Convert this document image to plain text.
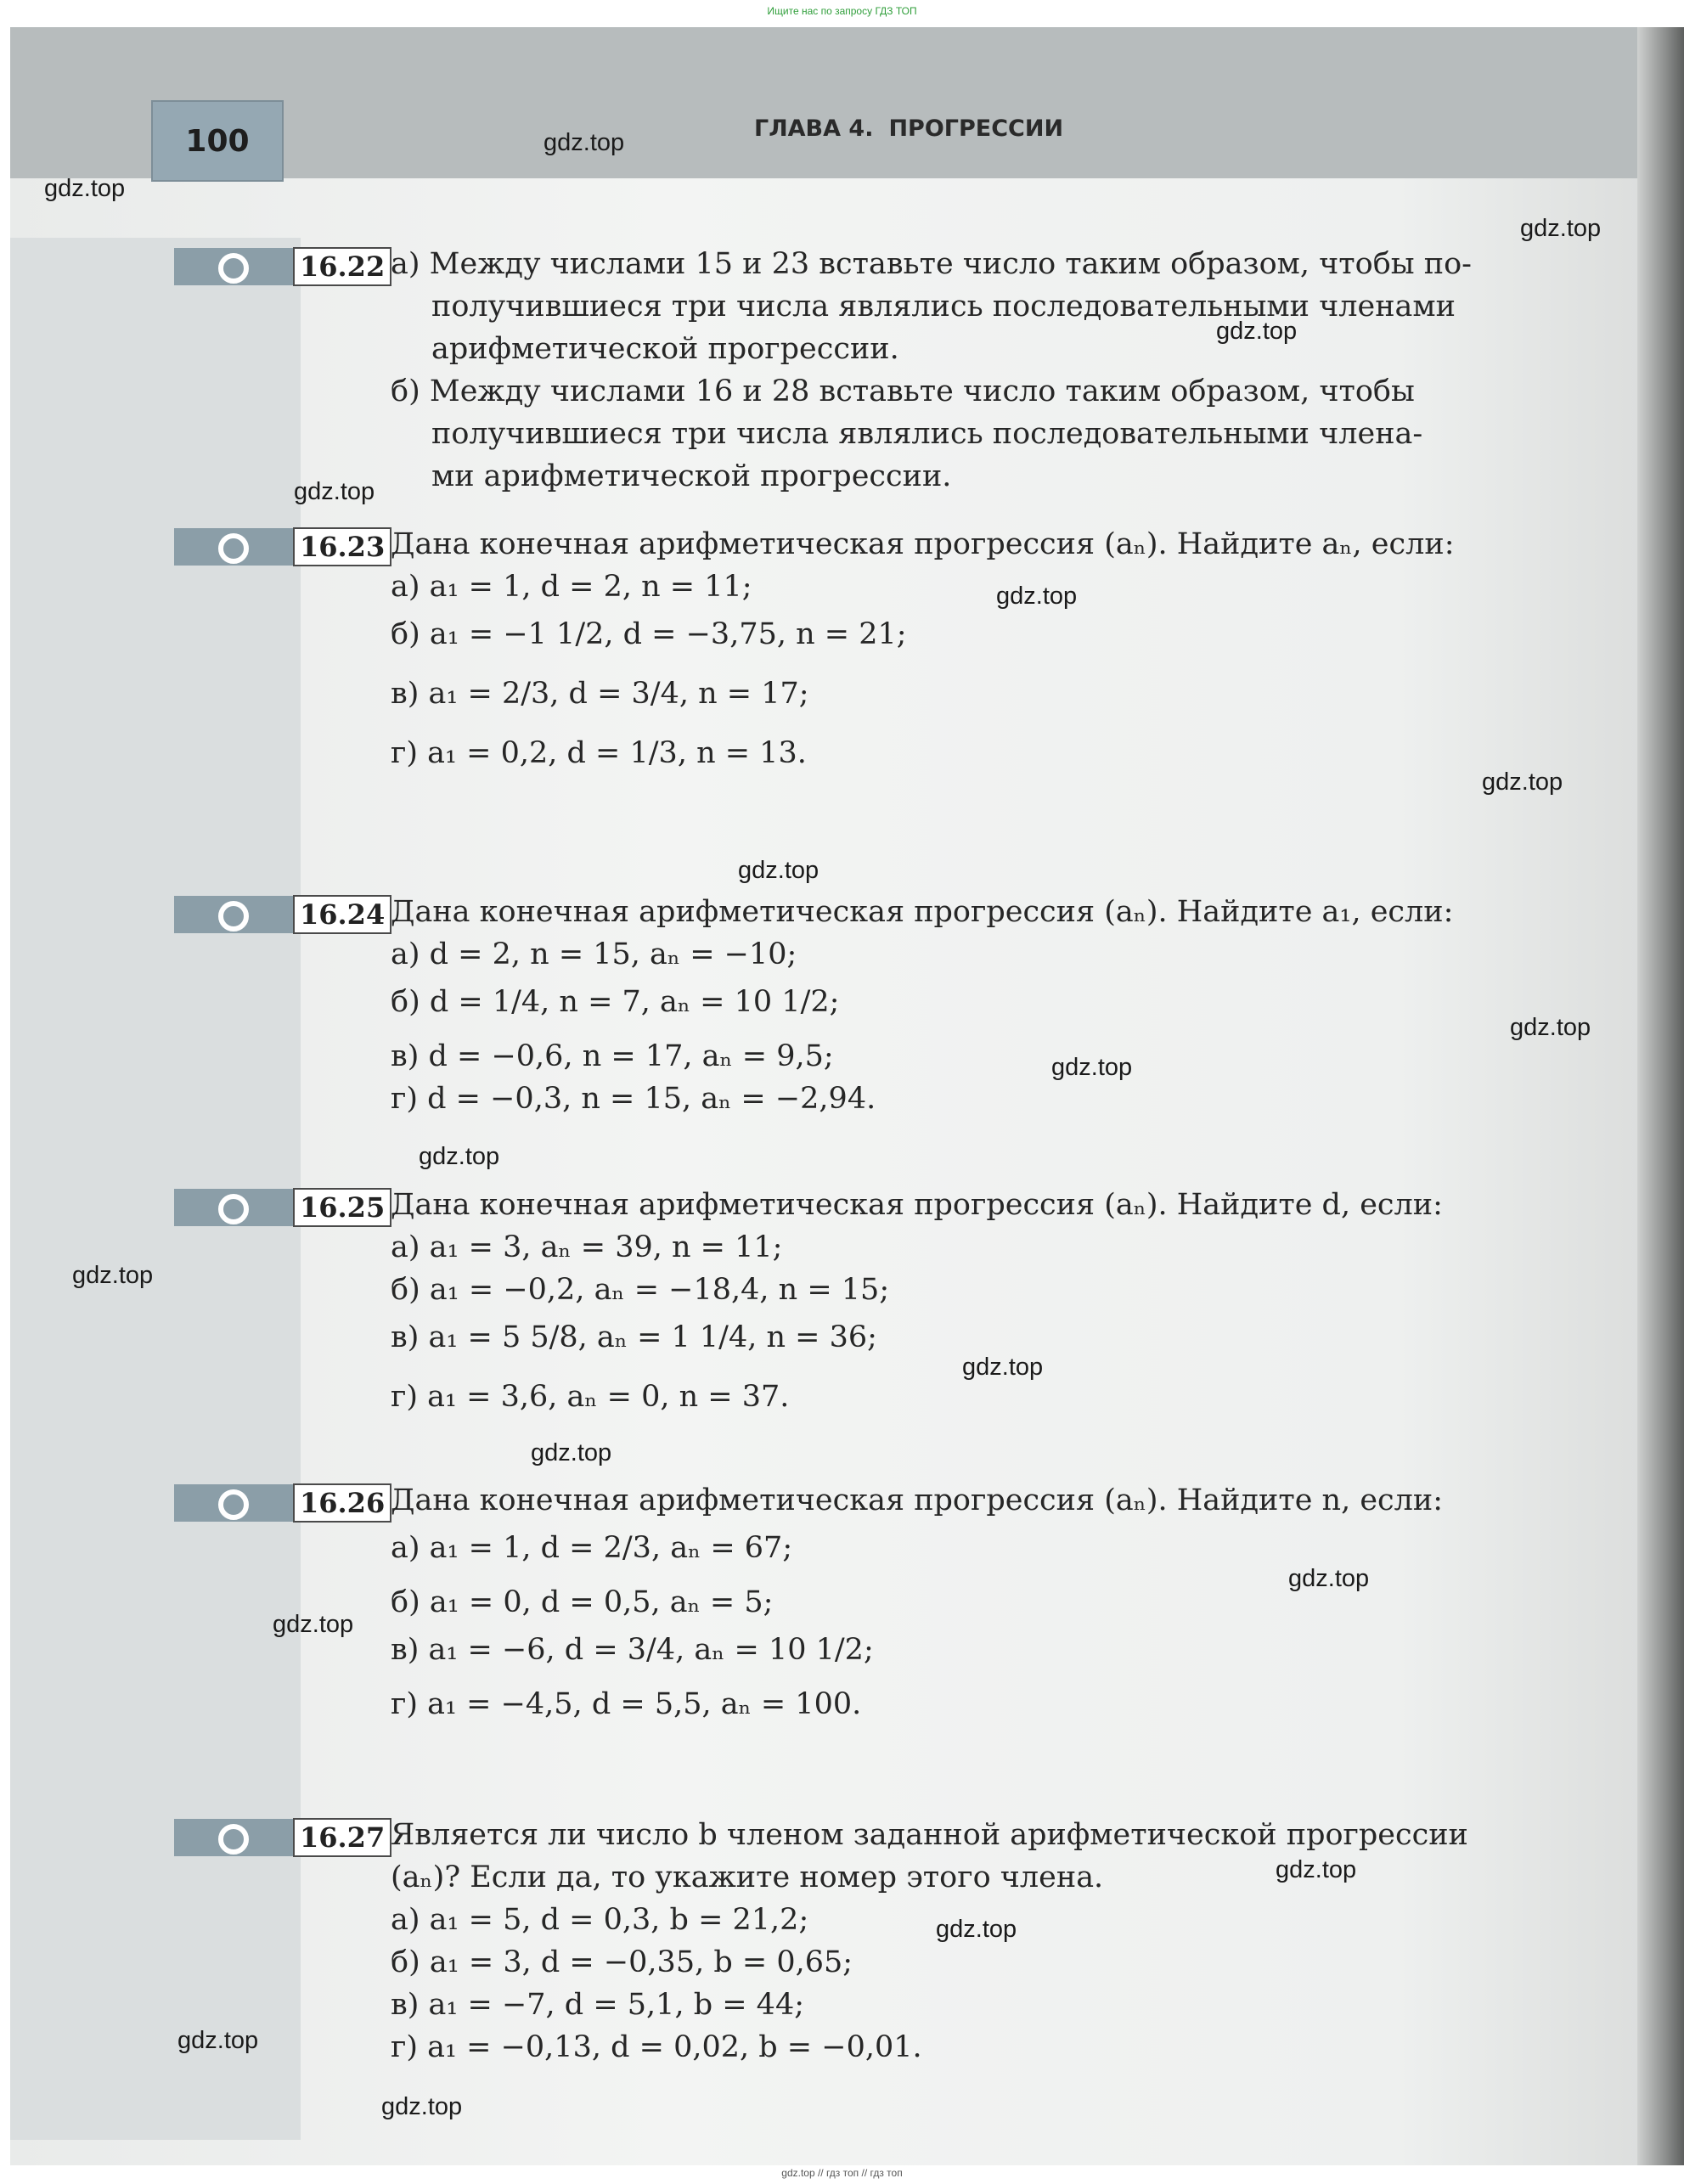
Ищите нас по запросу ГДЗ ТОП
100	ГЛАВА 4. ПРОГРЕССИИ
16.22 а) Между числами 15 и 23 вставьте число таким образом, чтобы по-
получившиеся три числа являлись последовательными членами
арифметической прогрессии.
б) Между числами 16 и 28 вставьте число таким образом, чтобы
получившиеся три числа являлись последовательными члена-
ми арифметической прогрессии.
16.23 Дана конечная арифметическая прогрессия (aₙ). Найдите aₙ, если:
а) a₁ = 1, d = 2, n = 11;
б) a₁ = −1 1/2, d = −3,75, n = 21;
в) a₁ = 2/3, d = 3/4, n = 17;
г) a₁ = 0,2, d = 1/3, n = 13.
16.24 Дана конечная арифметическая прогрессия (aₙ). Найдите a₁, если:
а) d = 2, n = 15, aₙ = −10;
б) d = 1/4, n = 7, aₙ = 10 1/2;
в) d = −0,6, n = 17, aₙ = 9,5;
г) d = −0,3, n = 15, aₙ = −2,94.
16.25 Дана конечная арифметическая прогрессия (aₙ). Найдите d, если:
а) a₁ = 3, aₙ = 39, n = 11;
б) a₁ = −0,2, aₙ = −18,4, n = 15;
в) a₁ = 5 5/8, aₙ = 1 1/4, n = 36;
г) a₁ = 3,6, aₙ = 0, n = 37.
16.26 Дана конечная арифметическая прогрессия (aₙ). Найдите n, если:
а) a₁ = 1, d = 2/3, aₙ = 67;
б) a₁ = 0, d = 0,5, aₙ = 5;
в) a₁ = −6, d = 3/4, aₙ = 10 1/2;
г) a₁ = −4,5, d = 5,5, aₙ = 100.
16.27 Является ли число b членом заданной арифметической прогрессии
(aₙ)? Если да, то укажите номер этого члена.
а) a₁ = 5, d = 0,3, b = 21,2;
б) a₁ = 3, d = −0,35, b = 0,65;
в) a₁ = −7, d = 5,1, b = 44;
г) a₁ = −0,13, d = 0,02, b = −0,01.
gdz.top
gdz.top
gdz.top
gdz.top
gdz.top
gdz.top
gdz.top
gdz.top
gdz.top
gdz.top
gdz.top
gdz.top
gdz.top
gdz.top
gdz.top
gdz.top
gdz.top
gdz.top
gdz.top
gdz.top
gdz.top // гдз топ // гдз топ
